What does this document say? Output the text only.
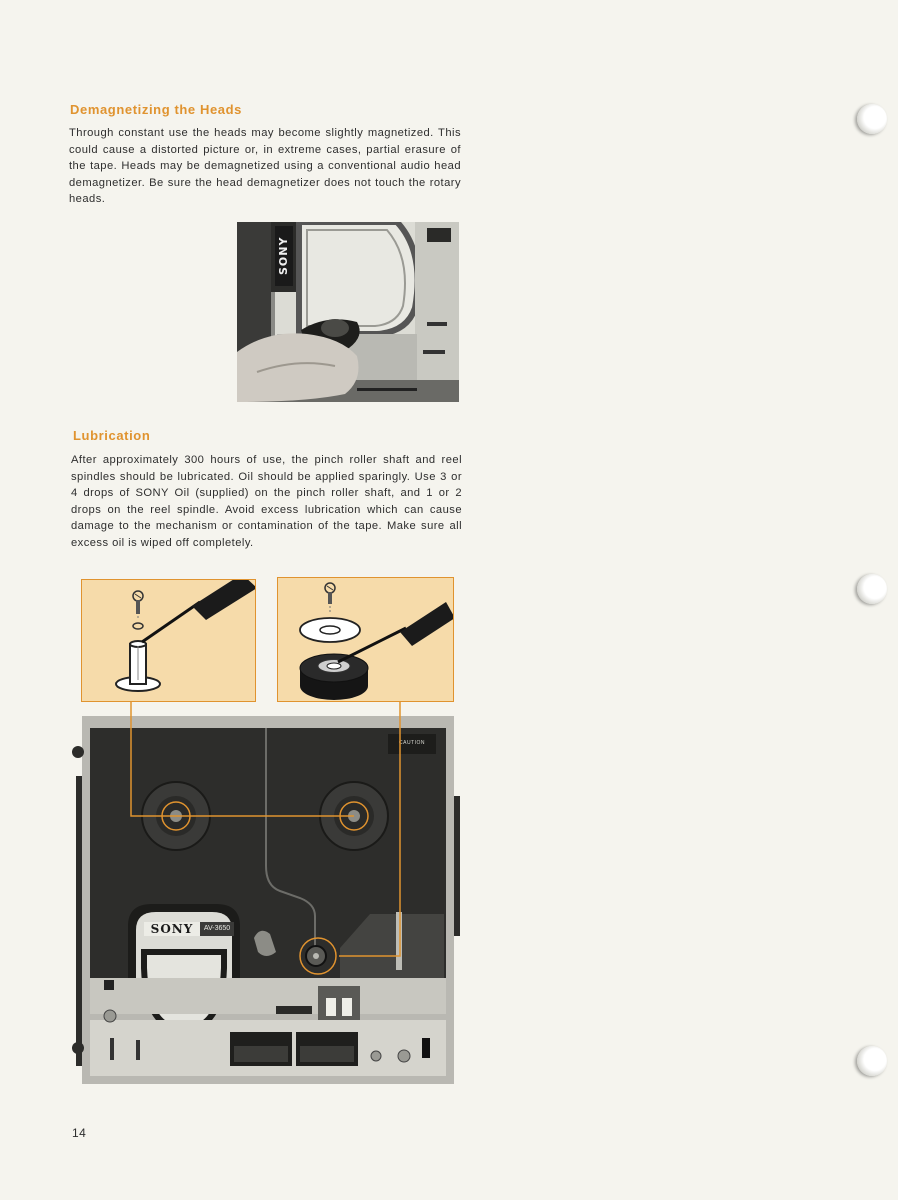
Demagnetizing the Heads

Through constant use the heads may become slightly magnetized. This could cause a distorted picture or, in extreme cases, partial erasure of the tape. Heads may be demagnetized using a conventional audio head demagnetizer. Be sure the head demagnetizer does not touch the rotary heads.

SONY
Lubrication

After approximately 300 hours of use, the pinch roller shaft and reel spindles should be lubricated. Oil should be applied sparingly. Use 3 or 4 drops of SONY Oil (supplied) on the pinch roller shaft, and 1 or 2 drops on the reel spindle. Avoid excess lubrication which can cause damage to the mechanism or contamination of the tape. Make sure all excess oil is wiped off completely.

SONY	AV-3650
CAUTION

14
